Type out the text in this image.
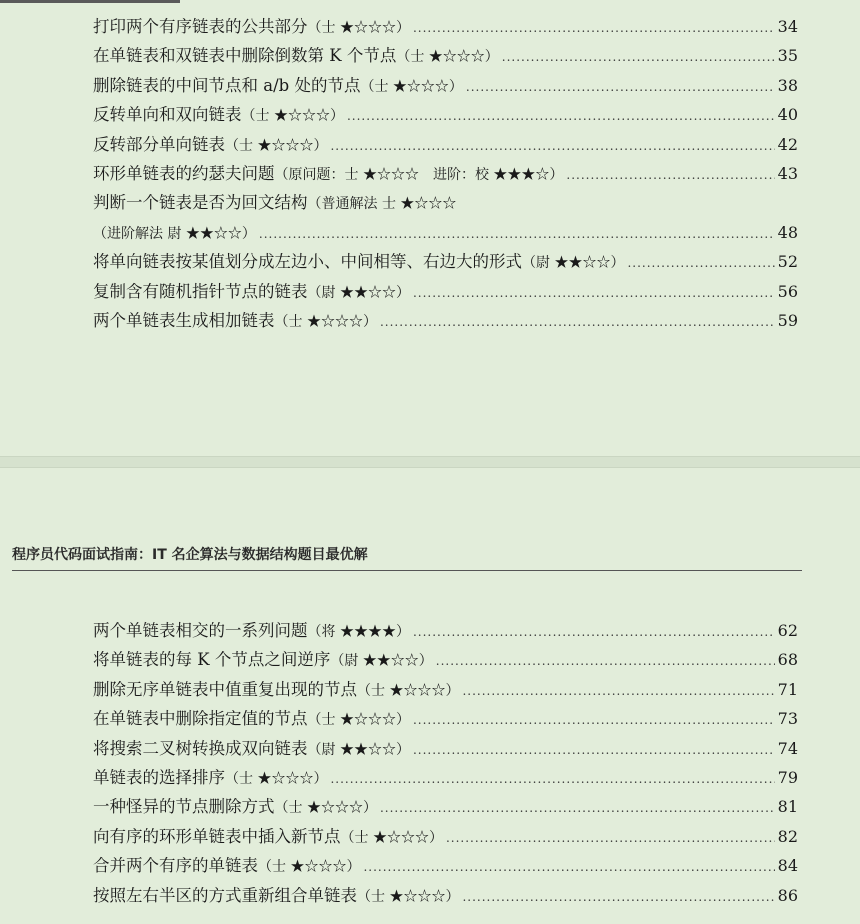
打印两个有序链表的公共部分 （士 ★☆☆☆） .....	34
在单链表和双链表中删除倒数第 K 个节点 （士 ★☆☆☆） .....	35
删除链表的中间节点和 a/b 处的节点 （士 ★☆☆☆） .....	38
反转单向和双向链表 （士 ★☆☆☆） .....	40
反转部分单向链表 （士 ★☆☆☆） .....	42
环形单链表的约瑟夫问题 （原问题：士 ★☆☆☆　进阶：校 ★★★☆） .....	43
判断一个链表是否为回文结构 （普通解法 士 ★☆☆☆
（进阶解法 尉 ★★☆☆） .....	48
将单向链表按某值划分成左边小、中间相等、右边大的形式 （尉 ★★☆☆） .....	52
复制含有随机指针节点的链表 （尉 ★★☆☆） .....	56
两个单链表生成相加链表 （士 ★☆☆☆） .....	59
程序员代码面试指南：IT 名企算法与数据结构题目最优解
两个单链表相交的一系列问题 （将 ★★★★） .....	62
将单链表的每 K 个节点之间逆序 （尉 ★★☆☆） .....	68
删除无序单链表中值重复出现的节点 （士 ★☆☆☆） .....	71
在单链表中删除指定值的节点 （士 ★☆☆☆） .....	73
将搜索二叉树转换成双向链表 （尉 ★★☆☆） .....	74
单链表的选择排序 （士 ★☆☆☆） .....	79
一种怪异的节点删除方式 （士 ★☆☆☆） .....	81
向有序的环形单链表中插入新节点 （士 ★☆☆☆） .....	82
合并两个有序的单链表 （士 ★☆☆☆） .....	84
按照左右半区的方式重新组合单链表 （士 ★☆☆☆） .....	86
